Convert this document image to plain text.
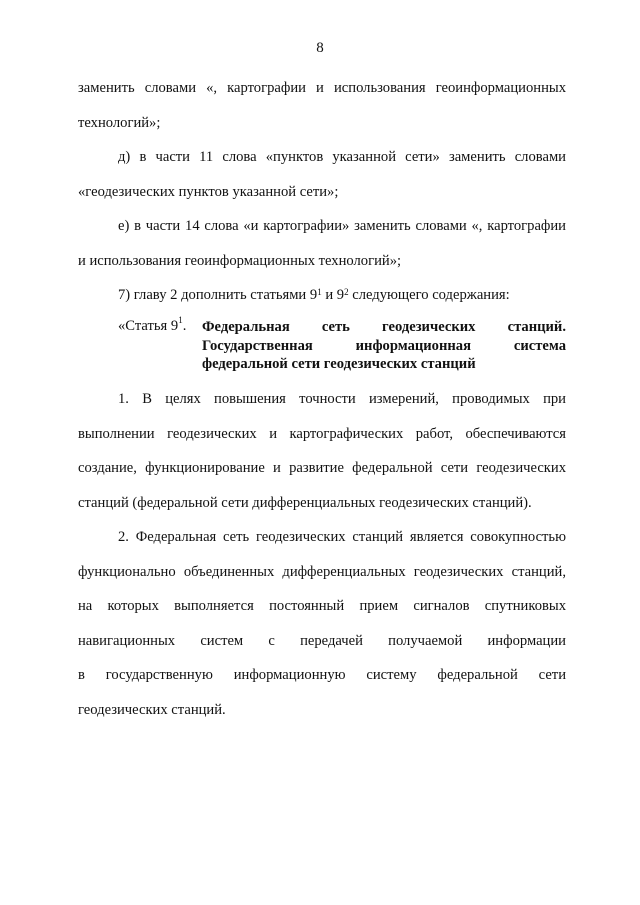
8
заменить словами «, картографии и использования геоинформационных
технологий»;
д) в части 11 слова «пунктов указанной сети» заменить словами
«геодезических пунктов указанной сети»;
е) в части 14 слова «и картографии» заменить словами «, картографии
и использования геоинформационных технологий»;
7) главу 2 дополнить статьями $9^1$ и $9^2$ следующего содержания:
«Статья $9^1$. Федеральная сеть геодезических станций.
Государственная информационная система
федеральной сети геодезических станций
1. В целях повышения точности измерений, проводимых при
выполнении геодезических и картографических работ, обеспечиваются
создание, функционирование и развитие федеральной сети геодезических
станций (федеральной сети дифференциальных геодезических станций).
2. Федеральная сеть геодезических станций является совокупностью
функционально объединенных дифференциальных геодезических станций,
на которых выполняется постоянный прием сигналов спутниковых
навигационных систем с передачей получаемой информации
в государственную информационную систему федеральной сети
геодезических станций.
